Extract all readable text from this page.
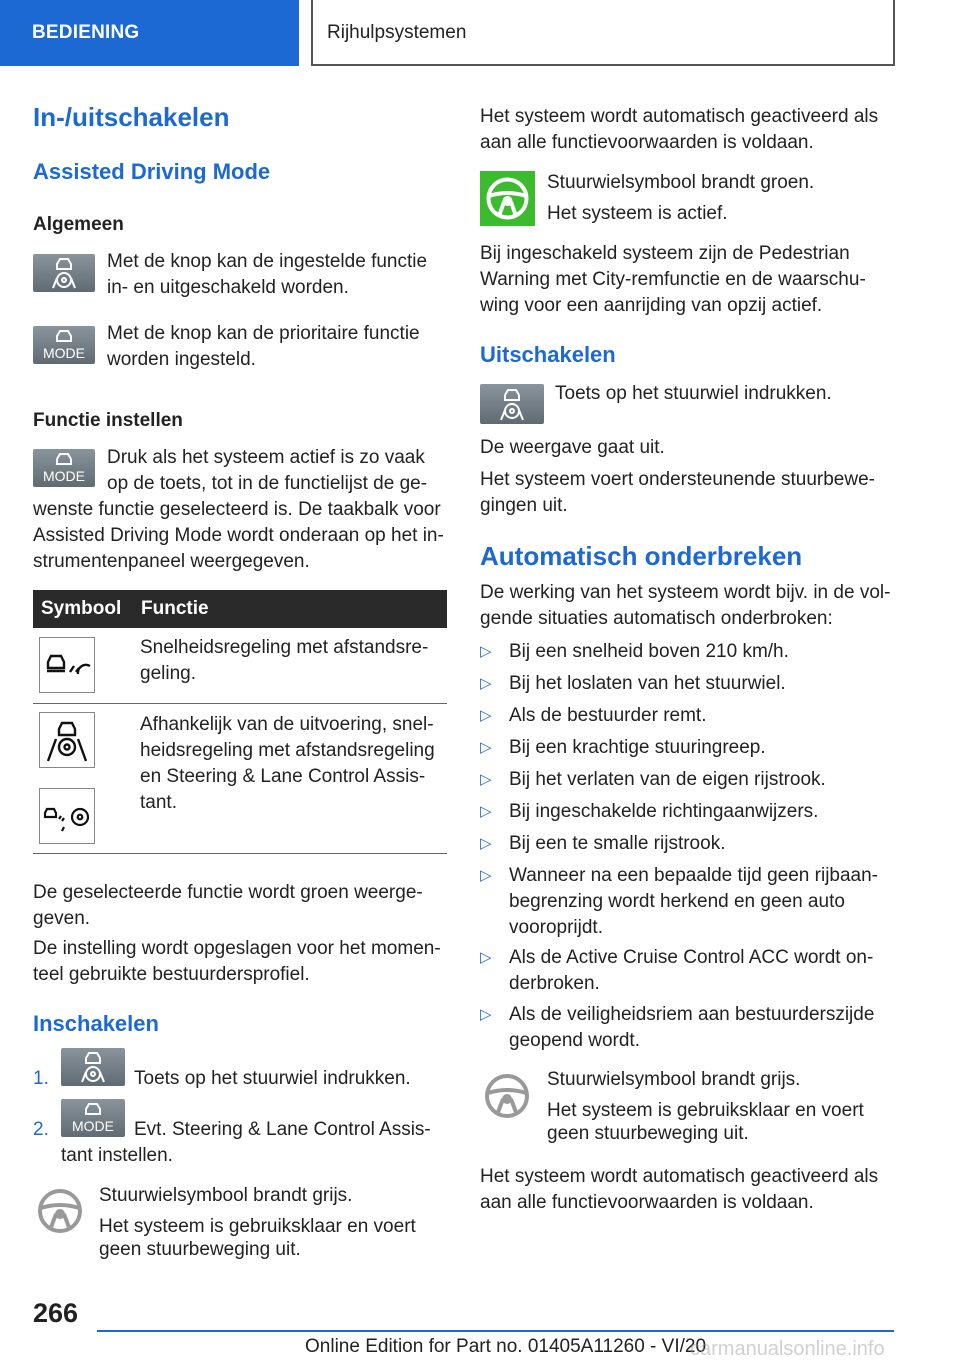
BEDIENING	Rijhulpsystemen
In-/uitschakelen
Assisted Driving Mode
Algemeen

Met de knop kan de ingestelde functie
in- en uitgeschakeld worden.

MODE

Met de knop kan de prioritaire functie
worden ingesteld.

Functie instellen
MODE

Druk als het systeem actief is zo vaak
op de toets, tot in de functielijst de ge-

wenste functie geselecteerd is. De taakbalk voor
Assisted Driving Mode wordt onderaan op het in-
strumentenpaneel weergegeven.

Symbool Functie

Snelheidsregeling met afstandsre-
geling.

Afhankelijk van de uitvoering, snel-
heidsregeling met afstandsregeling
en Steering & Lane Control Assis-
tant.

De geselecteerde functie wordt groen weerge-
geven.

De instelling wordt opgeslagen voor het momen-
teel gebruikte bestuurdersprofiel.

Inschakelen
1.	Toets op het stuurwiel indrukken.
2.	MODE	Evt. Steering & Lane Control Assis-
tant instellen.

Stuurwielsymbool brandt grijs.
Het systeem is gebruiksklaar en voert

geen stuurbeweging uit.
266

Het systeem wordt automatisch geactiveerd als
aan alle functievoorwaarden is voldaan.

Stuurwielsymbool brandt groen.
Het systeem is actief.

Bij ingeschakeld systeem zijn de Pedestrian
Warning met City-remfunctie en de waarschu-
wing voor een aanrijding van opzij actief.

Uitschakelen
Toets op het stuurwiel indrukken.

De weergave gaat uit.

Het systeem voert ondersteunende stuurbewe-
gingen uit.

Automatisch onderbreken

De werking van het systeem wordt bijv. in de vol-
gende situaties automatisch onderbroken:

▷ Bij een snelheid boven 210 km/h.
▷ Bij het loslaten van het stuurwiel.
▷ Als de bestuurder remt.
▷ Bij een krachtige stuuringreep.
▷ Bij het verlaten van de eigen rijstrook.
▷ Bij ingeschakelde richtingaanwijzers.
▷ Bij een te smalle rijstrook.
▷ Wanneer na een bepaalde tijd geen rijbaan-
begrenzing wordt herkend en geen auto
vooroprijdt.
▷ Als de Active Cruise Control ACC wordt on-
derbroken.
▷ Als de veiligheidsriem aan bestuurderszijde
geopend wordt.

Stuurwielsymbool brandt grijs.
Het systeem is gebruiksklaar en voert

geen stuurbeweging uit.

Het systeem wordt automatisch geactiveerd als
aan alle functievoorwaarden is voldaan.

Online Edition for Part no. 01405A11260 - VI/20
carmanualsonline.info
